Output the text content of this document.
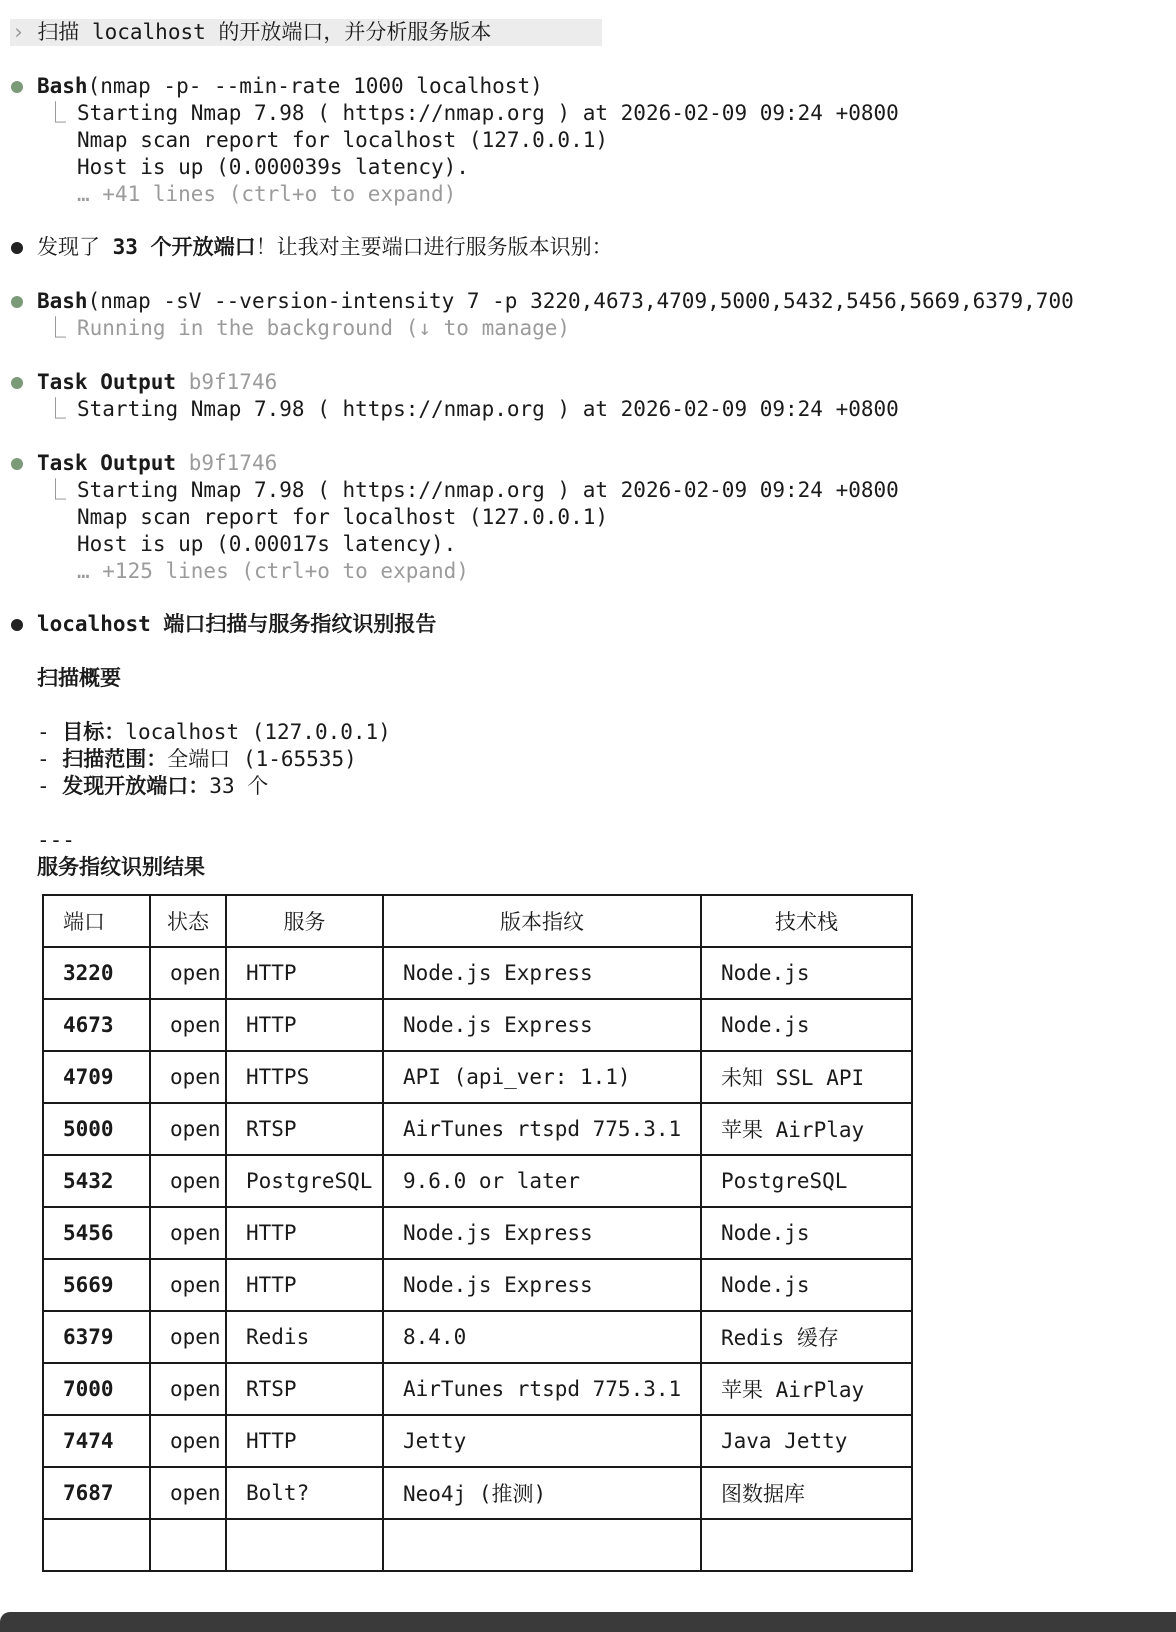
› 扫描 localhost 的开放端口，并分析服务版本
Bash(nmap -p- --min-rate 1000 localhost)
⎿ Starting Nmap 7.98 ( https://nmap.org ) at 2026-02-09 09:24 +0800
Nmap scan report for localhost (127.0.0.1)
Host is up (0.000039s latency).
… +41 lines (ctrl+o to expand)
发现了 33 个开放端口！让我对主要端口进行服务版本识别：
Bash(nmap -sV --version-intensity 7 -p 3220,4673,4709,5000,5432,5456,5669,6379,700
⎿ Running in the background (↓ to manage)
Task Output b9f1746
⎿ Starting Nmap 7.98 ( https://nmap.org ) at 2026-02-09 09:24 +0800
Task Output b9f1746
⎿ Starting Nmap 7.98 ( https://nmap.org ) at 2026-02-09 09:24 +0800
Nmap scan report for localhost (127.0.0.1)
Host is up (0.00017s latency).
… +125 lines (ctrl+o to expand)
localhost 端口扫描与服务指纹识别报告
扫描概要
- 目标：localhost (127.0.0.1)
- 扫描范围：全端口 (1-65535)
- 发现开放端口：33 个
---
服务指纹识别结果
端口	状态	服务	版本指纹	技术栈
3220	open	HTTP	Node.js Express	Node.js
4673	open	HTTP	Node.js Express	Node.js
4709	open	HTTPS	API (api_ver: 1.1)	未知 SSL API
5000	open	RTSP	AirTunes rtspd 775.3.1	苹果 AirPlay
5432	open	PostgreSQL	9.6.0 or later	PostgreSQL
5456	open	HTTP	Node.js Express	Node.js
5669	open	HTTP	Node.js Express	Node.js
6379	open	Redis	8.4.0	Redis 缓存
7000	open	RTSP	AirTunes rtspd 775.3.1	苹果 AirPlay
7474	open	HTTP	Jetty	Java Jetty
7687	open	Bolt?	Neo4j (推测)	图数据库
